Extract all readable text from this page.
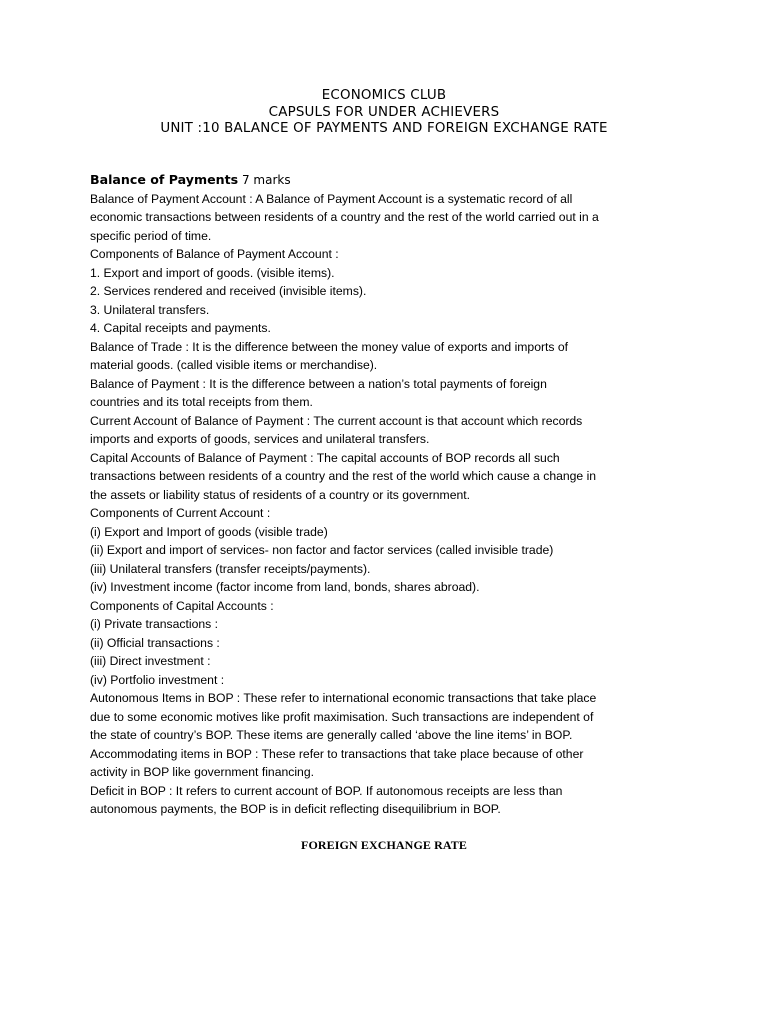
ECONOMICS CLUB
CAPSULS FOR UNDER ACHIEVERS
UNIT :10 BALANCE OF PAYMENTS AND FOREIGN EXCHANGE RATE
Balance of Payments 7 marks
Balance of Payment Account : A Balance of Payment Account is a systematic record of all
economic transactions between residents of a country and the rest of the world carried out in a
specific period of time.
Components of Balance of Payment Account :
1. Export and import of goods. (visible items).
2. Services rendered and received (invisible items).
3. Unilateral transfers.
4. Capital receipts and payments.
Balance of Trade : It is the difference between the money value of exports and imports of
material goods. (called visible items or merchandise).
Balance of Payment : It is the difference between a nation’s total payments of foreign
countries and its total receipts from them.
Current Account of Balance of Payment : The current account is that account which records
imports and exports of goods, services and unilateral transfers.
Capital Accounts of Balance of Payment : The capital accounts of BOP records all such
transactions between residents of a country and the rest of the world which cause a change in
the assets or liability status of residents of a country or its government.
Components of Current Account :
(i) Export and Import of goods (visible trade)
(ii) Export and import of services- non factor and factor services (called invisible trade)
(iii) Unilateral transfers (transfer receipts/payments).
(iv) Investment income (factor income from land, bonds, shares abroad).
Components of Capital Accounts :
(i) Private transactions :
(ii) Official transactions :
(iii) Direct investment :
(iv) Portfolio investment :
Autonomous Items in BOP : These refer to international economic transactions that take place
due to some economic motives like profit maximisation. Such transactions are independent of
the state of country’s BOP. These items are generally called ‘above the line items’ in BOP.
Accommodating items in BOP : These refer to transactions that take place because of other
activity in BOP like government financing.
Deficit in BOP : It refers to current account of BOP. If autonomous receipts are less than
autonomous payments, the BOP is in deficit reflecting disequilibrium in BOP.
FOREIGN EXCHANGE RATE
